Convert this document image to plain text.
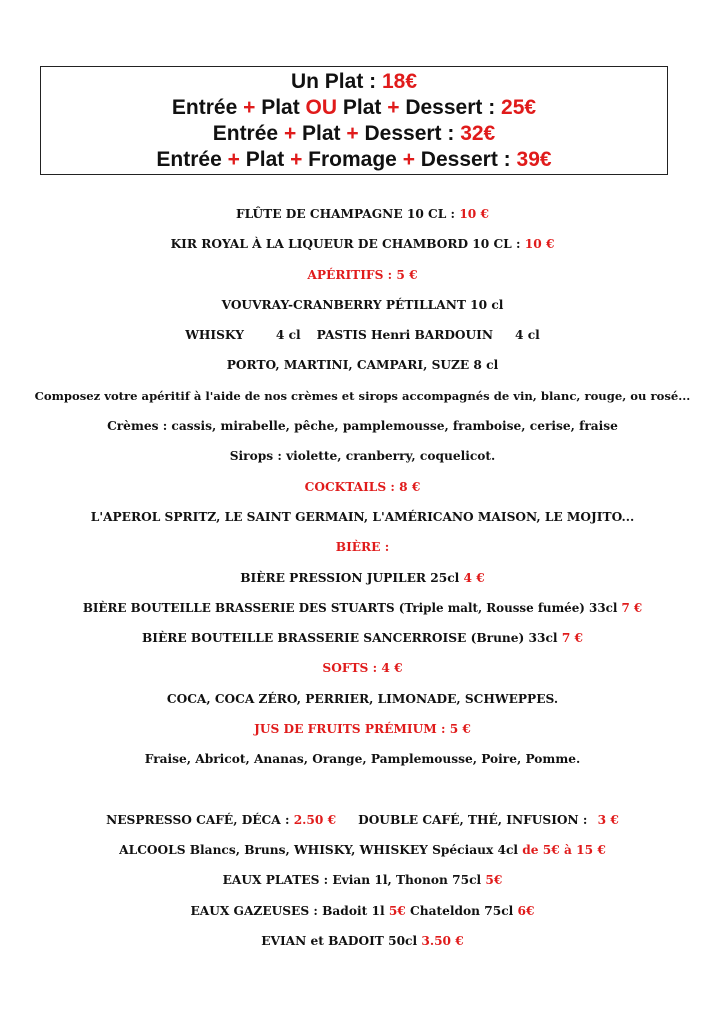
Un Plat : 18€
Entrée + Plat OU Plat + Dessert : 25€
Entrée + Plat + Dessert : 32€
Entrée + Plat + Fromage + Dessert : 39€
FLÛTE DE CHAMPAGNE 10 CL : 10 €
KIR ROYAL À LA LIQUEUR DE CHAMBORD 10 CL : 10 €
APÉRITIFS : 5 €
VOUVRAY-CRANBERRY PÉTILLANT 10 cl
WHISKY	4 cl PASTIS Henri BARDOUIN 4 cl
PORTO, MARTINI, CAMPARI, SUZE 8 cl
Composez votre apéritif à l'aide de nos crèmes et sirops accompagnés de vin, blanc, rouge, ou rosé...
Crèmes : cassis, mirabelle, pêche, pamplemousse, framboise, cerise, fraise
Sirops : violette, cranberry, coquelicot.
COCKTAILS : 8 €
L'APEROL SPRITZ, LE SAINT GERMAIN, L'AMÉRICANO MAISON, LE MOJITO...
BIÈRE :
BIÈRE PRESSION JUPILER 25cl 4 €
BIÈRE BOUTEILLE BRASSERIE DES STUARTS (Triple malt, Rousse fumée) 33cl 7 €
BIÈRE BOUTEILLE BRASSERIE SANCERROISE (Brune) 33cl 7 €
SOFTS : 4 €
COCA, COCA ZÉRO, PERRIER, LIMONADE, SCHWEPPES.
JUS DE FRUITS PRÉMIUM : 5 €
Fraise, Abricot, Ananas, Orange, Pamplemousse, Poire, Pomme.
NESPRESSO CAFÉ, DÉCA : 2.50 € DOUBLE CAFÉ, THÉ, INFUSION : 3 €
ALCOOLS Blancs, Bruns, WHISKY, WHISKEY Spéciaux 4cl de 5€ à 15 €
EAUX PLATES : Evian 1l, Thonon 75cl 5€
EAUX GAZEUSES : Badoit 1l 5€ Chateldon 75cl 6€
EVIAN et BADOIT 50cl 3.50 €
